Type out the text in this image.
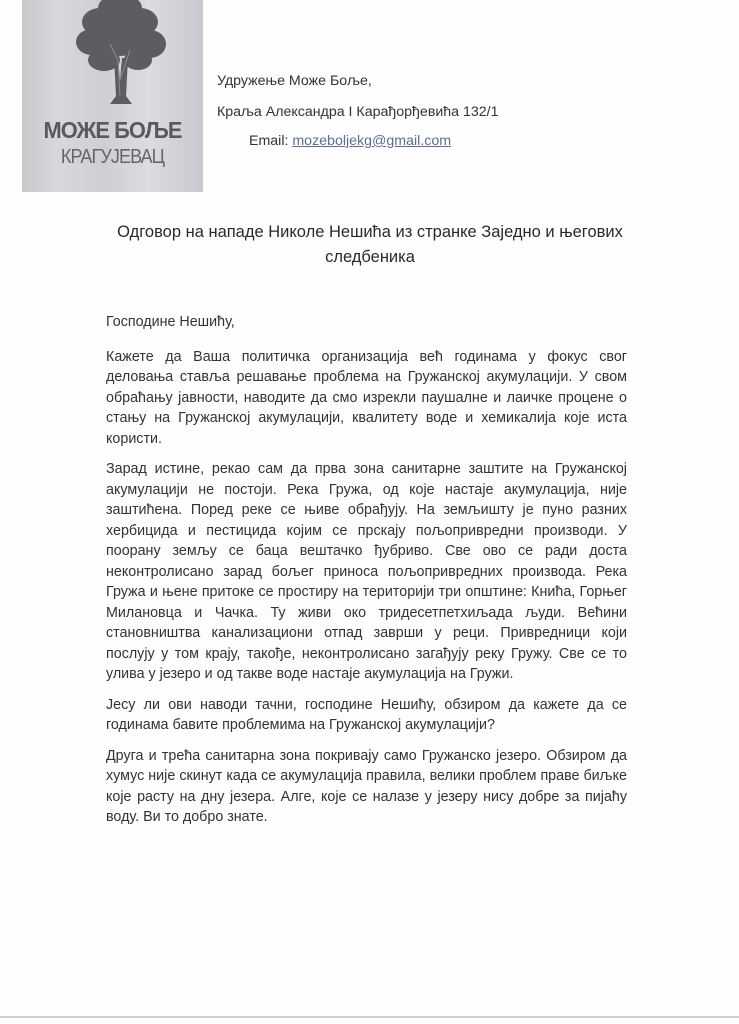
МОЖЕ БОЉЕ
КРАГУЈЕВАЦ
Удружење Може Боље,
Краља Александра I Карађорђевића 132/1
Email: mozeboljekg@gmail.com
Одговор на нападе Николе Нешића из странке Заједно и његових следбеника

Господине Нешићу,

Кажете да Ваша политичка организација већ годинама у фокус свог деловања ставља решавање проблема на Гружанској акумулацији. У свом обраћању јавности, наводите да смо изрекли паушалне и лаичке процене о стању на Гружанској акумулацији, квалитету воде и хемикалија које иста користи.

Зарад истине, рекао сам да прва зона санитарне заштите на Гружанској акумулацији не постоји. Река Гружа, од које настаје акумулација, није заштићена. Поред реке се њиве обрађују. На земљишту је пуно разних хербицида и пестицида којим се прскају пољопривредни производи. У поорану земљу се баца вештачко ђубриво. Све ово се ради доста неконтролисано зарад бољег приноса пољопривредних производа. Река Гружа и њене притоке се простиру на територији три општине: Кнића, Горњег Милановца и Чачка. Ту живи око тридесетпетхиљада људи. Већини становништва канализациони отпад заврши у реци. Привредници који послују у том крају, такође, неконтролисано загађују реку Гружу. Све се то улива у језеро и од такве воде настаје акумулација на Гружи.

Јесу ли ови наводи тачни, господине Нешићу, обзиром да кажете да се годинама бавите проблемима на Гружанској акумулацији?

Друга и трећа санитарна зона покривају само Гружанско језеро. Обзиром да хумус није скинут када се акумулација правила, велики проблем праве биљке које расту на дну језера. Алге, које се налазе у језеру нису добре за пијаћу воду. Ви то добро знате.
